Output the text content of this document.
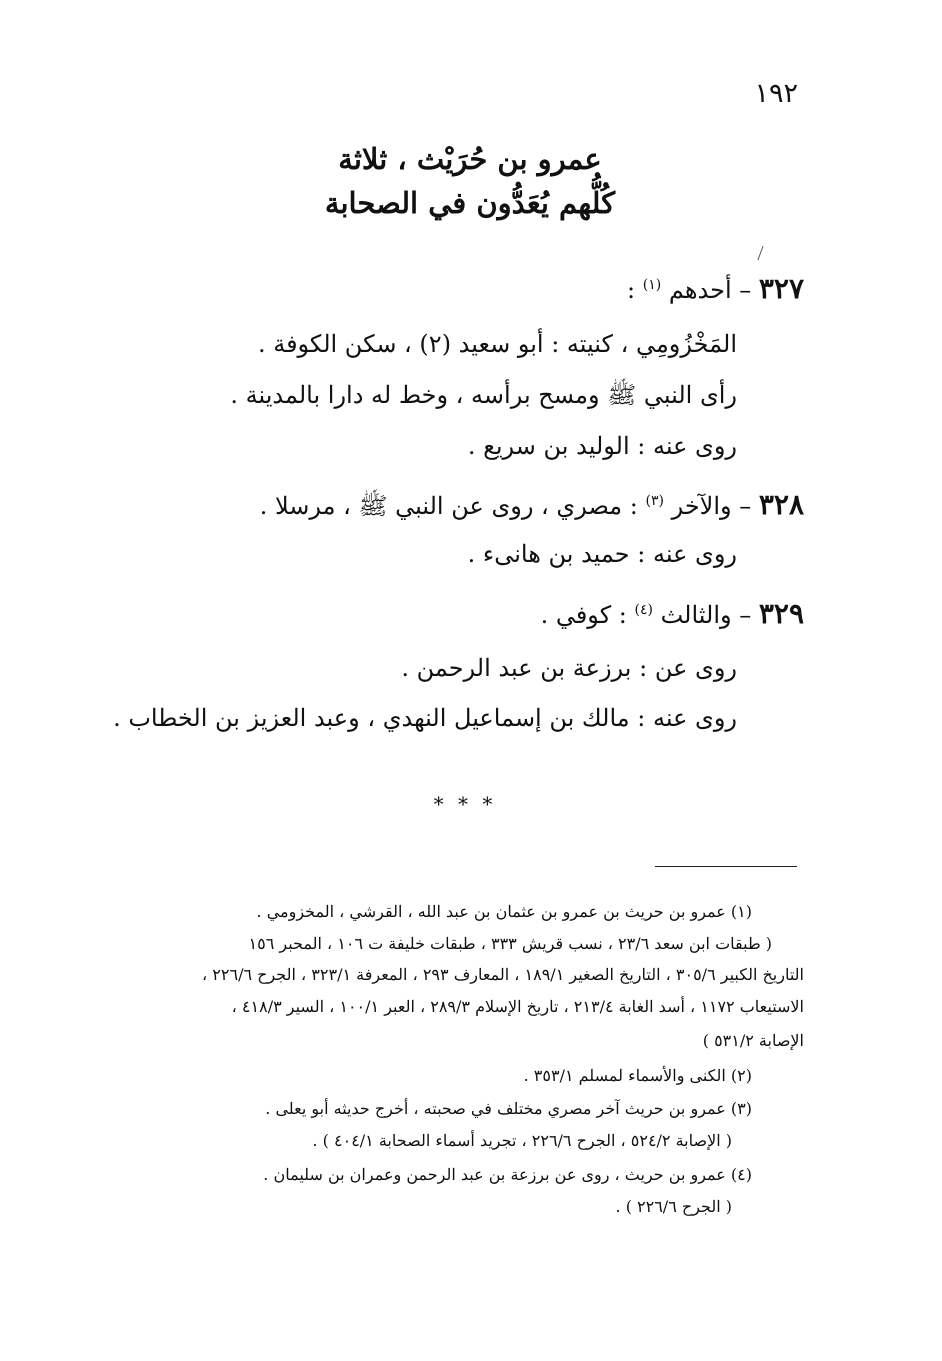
١٩٢
عمرو بن حُرَيْث ، ثلاثة
كُلُّهم يُعَدُّون في الصحابة
٣٢٧ – أحدهم $^{(١)}$ :
المَخْزُومِي ، كنيته : أبو سعيد (٢) ، سكن الكوفة .
رأى النبي ﷺ ومسح برأسه ، وخط له دارا بالمدينة .
روى عنه : الوليد بن سريع .
٣٢٨ – والآخر $^{(٣)}$ : مصري ، روى عن النبي ﷺ ، مرسلا .
روى عنه : حميد بن هانىء .
٣٢٩ – والثالث $^{(٤)}$ : كوفي .
روى عن : برزعة بن عبد الرحمن .
روى عنه : مالك بن إسماعيل النهدي ، وعبد العزيز بن الخطاب .
* * *
(١) عمرو بن حريث بن عمرو بن عثمان بن عبد الله ، القرشي ، المخزومي .
( طبقات ابن سعد ٢٣/٦ ، نسب قريش ٣٣٣ ، طبقات خليفة ت ١٠٦ ، المحبر ١٥٦
التاريخ الكبير ٣٠٥/٦ ، التاريخ الصغير ١٨٩/١ ، المعارف ٢٩٣ ، المعرفة ٣٢٣/١ ، الجرح ٢٢٦/٦ ،
الاستيعاب ١١٧٢ ، أسد الغابة ٢١٣/٤ ، تاريخ الإسلام ٢٨٩/٣ ، العبر ١٠٠/١ ، السير ٤١٨/٣ ،
الإصابة ٥٣١/٢ )
(٢) الكنى والأسماء لمسلم ٣٥٣/١ .
(٣) عمرو بن حريث آخر مصري مختلف في صحبته ، أخرج حديثه أبو يعلى .
( الإصابة ٥٢٤/٢ ، الجرح ٢٢٦/٦ ، تجريد أسماء الصحابة ٤٠٤/١ ) .
(٤) عمرو بن حريث ، روى عن برزعة بن عبد الرحمن وعمران بن سليمان .
( الجرح ٢٢٦/٦ ) .
